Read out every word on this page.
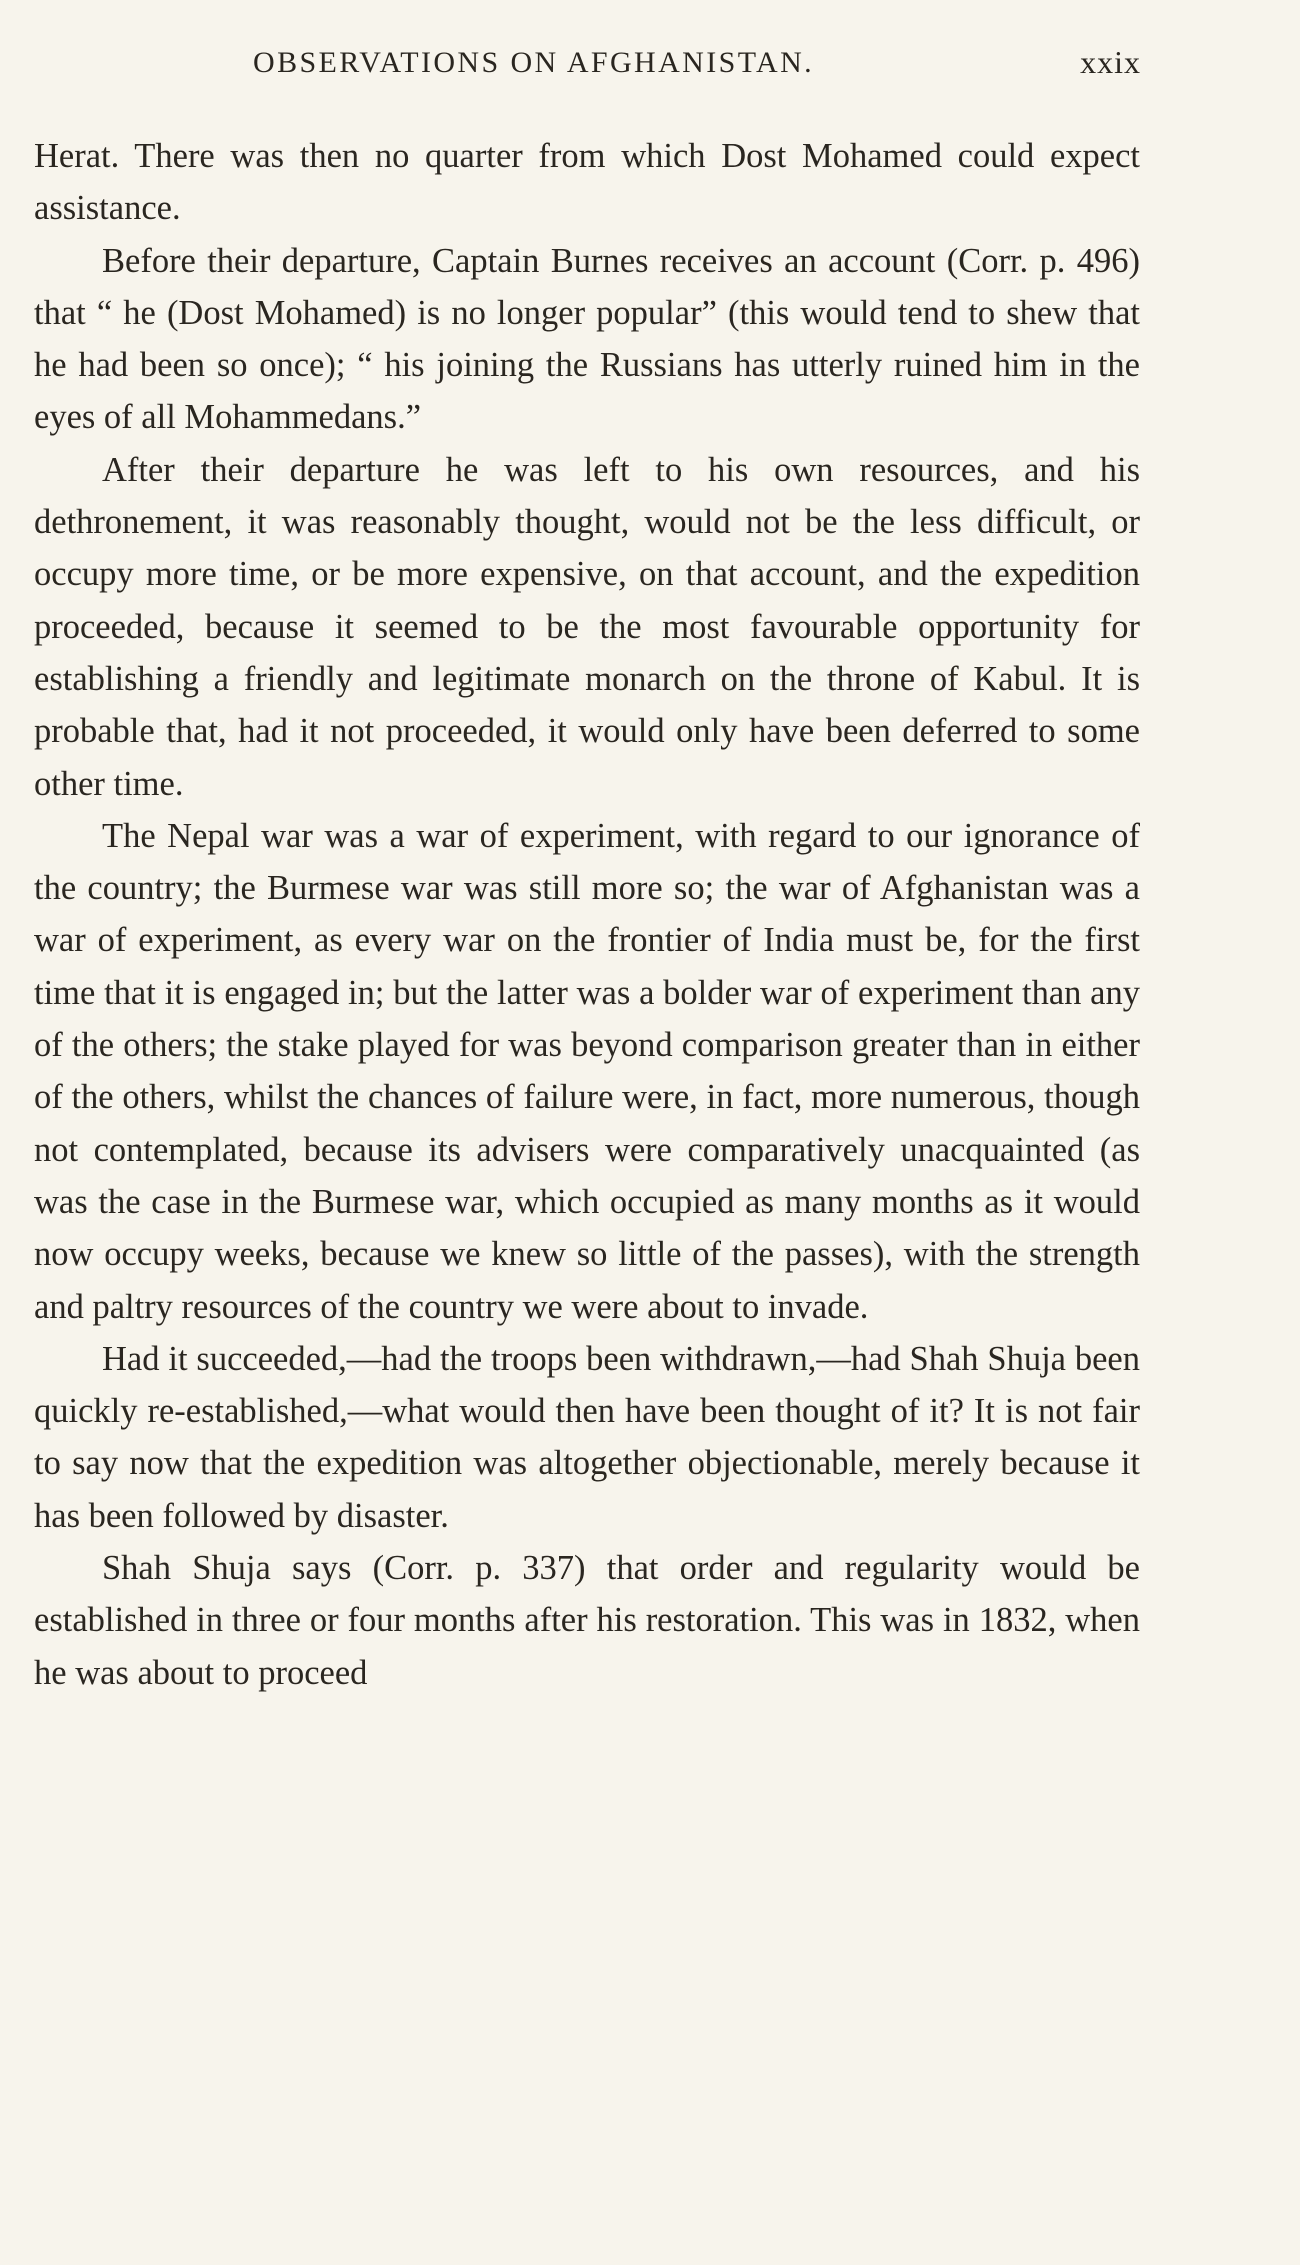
OBSERVATIONS ON AFGHANISTAN.	xxix

Herat. There was then no quarter from which Dost Mohamed could expect assistance.

Before their departure, Captain Burnes receives an account (Corr. p. 496) that “ he (Dost Mohamed) is no longer popular” (this would tend to shew that he had been so once); “ his joining the Russians has utterly ruined him in the eyes of all Mohammedans.”

After their departure he was left to his own resources, and his dethronement, it was reasonably thought, would not be the less difficult, or occupy more time, or be more expensive, on that account, and the expedition proceeded, because it seemed to be the most favourable opportunity for establishing a friendly and legitimate monarch on the throne of Kabul. It is probable that, had it not proceeded, it would only have been deferred to some other time.

The Nepal war was a war of experiment, with regard to our ignorance of the country; the Burmese war was still more so; the war of Afghanistan was a war of experiment, as every war on the frontier of India must be, for the first time that it is engaged in; but the latter was a bolder war of experiment than any of the others; the stake played for was beyond comparison greater than in either of the others, whilst the chances of failure were, in fact, more numerous, though not contemplated, because its advisers were comparatively unacquainted (as was the case in the Burmese war, which occupied as many months as it would now occupy weeks, because we knew so little of the passes), with the strength and paltry resources of the country we were about to invade.

Had it succeeded,—had the troops been withdrawn,—had Shah Shuja been quickly re-established,—what would then have been thought of it? It is not fair to say now that the expedition was altogether objectionable, merely because it has been followed by disaster.

Shah Shuja says (Corr. p. 337) that order and regularity would be established in three or four months after his restoration. This was in 1832, when he was about to proceed
